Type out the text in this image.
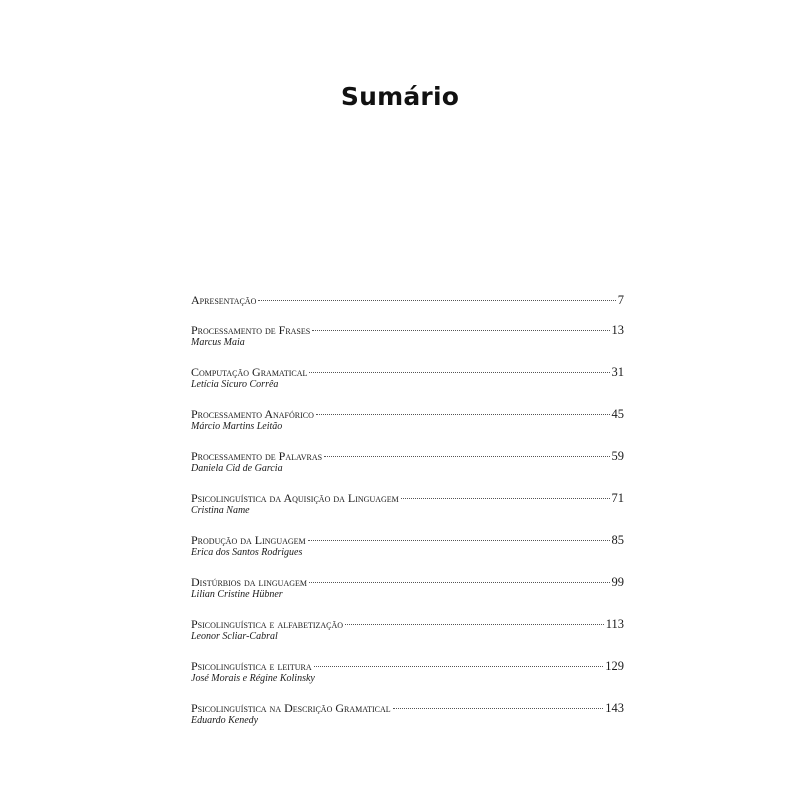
Sumário
Apresentação	7
Processamento de Frases	13
Marcus Maia
Computação Gramatical	31
Letícia Sicuro Corrêa
Processamento Anafórico	45
Márcio Martins Leitão
Processamento de Palavras	59
Daniela Cid de Garcia
Psicolinguística da Aquisição da Linguagem	71
Cristina Name
Produção da Linguagem	85
Erica dos Santos Rodrigues
Distúrbios da linguagem	99
Lilian Cristine Hübner
Psicolinguística e alfabetização	113
Leonor Scliar-Cabral
Psicolinguística e leitura	129
José Morais e Régine Kolinsky
Psicolinguística na Descrição Gramatical	143
Eduardo Kenedy
